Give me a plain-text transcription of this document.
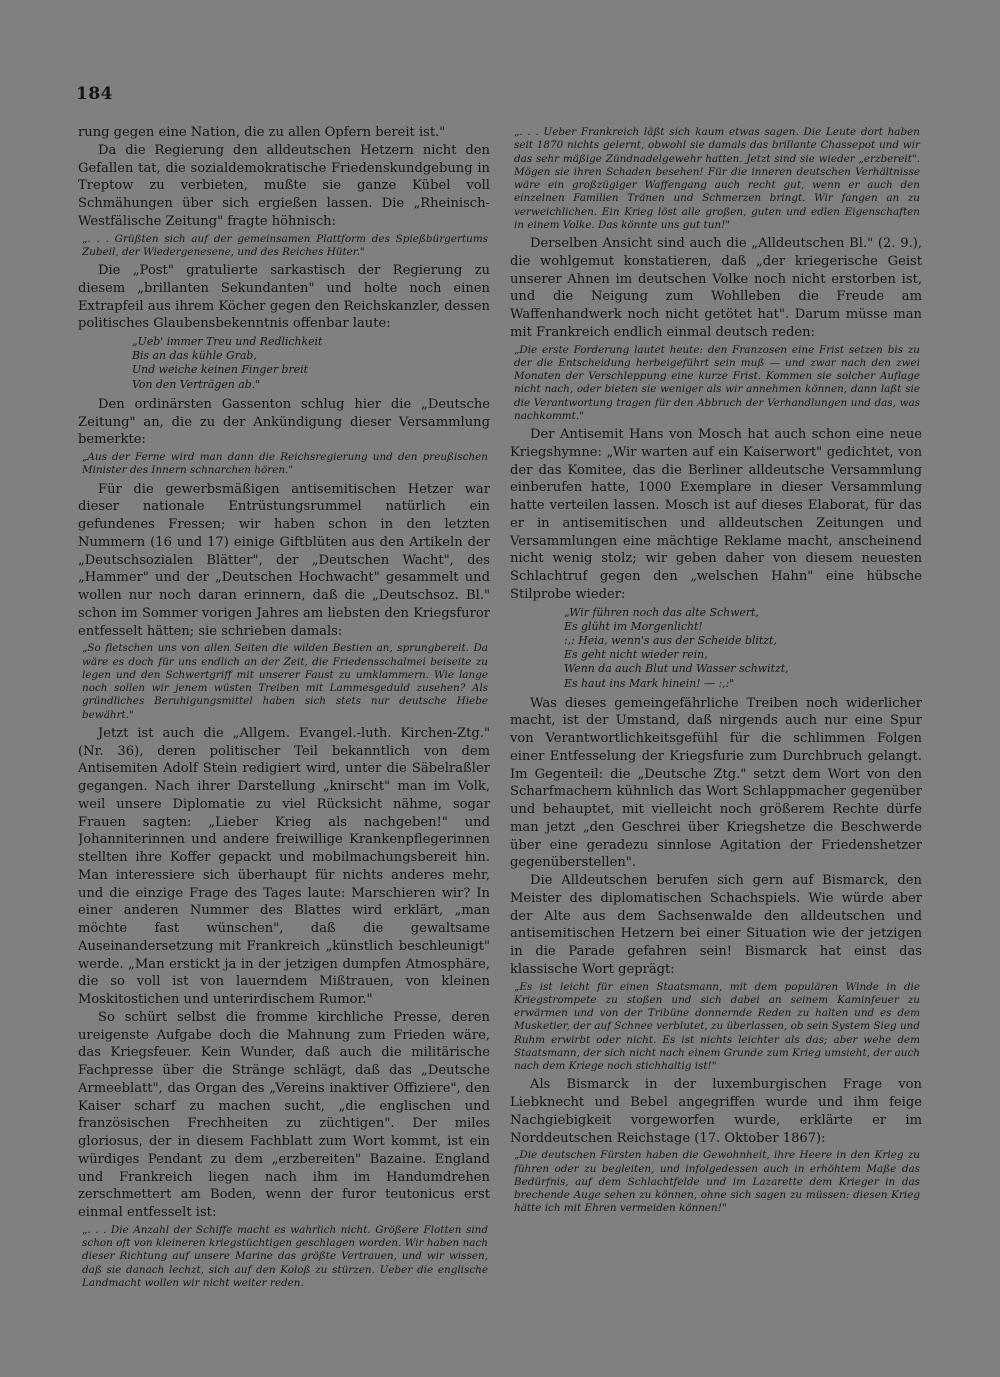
184

rung gegen eine Nation, die zu allen Opfern bereit ist."

Da die Regierung den alldeutschen Hetzern nicht den Gefallen tat, die sozialdemokratische Friedenskundgebung in Treptow zu verbieten, mußte sie ganze Kübel voll Schmähungen über sich ergießen lassen. Die „Rheinisch-Westfälische Zeitung" fragte höhnisch:

„. . . Grüßten sich auf der gemeinsamen Plattform des Spießbürgertums Zubeil, der Wiedergenesene, und des Reiches Hüter."

Die „Post" gratulierte sarkastisch der Regierung zu diesem „brillanten Sekundanten" und holte noch einen Extrapfeil aus ihrem Köcher gegen den Reichskanzler, dessen politisches Glaubensbekenntnis offenbar laute:

„Ueb' immer Treu und Redlichkeit
Bis an das kühle Grab,
Und weiche keinen Finger breit
Von den Verträgen ab."

Den ordinärsten Gassenton schlug hier die „Deutsche Zeitung" an, die zu der Ankündigung dieser Versammlung bemerkte:

„Aus der Ferne wird man dann die Reichsregierung und den preußischen Minister des Innern schnarchen hören."

Für die gewerbsmäßigen antisemitischen Hetzer war dieser nationale Entrüstungsrummel natürlich ein gefundenes Fressen; wir haben schon in den letzten Nummern (16 und 17) einige Giftblüten aus den Artikeln der „Deutschsozialen Blätter", der „Deutschen Wacht", des „Hammer" und der „Deutschen Hochwacht" gesammelt und wollen nur noch daran erinnern, daß die „Deutschsoz. Bl." schon im Sommer vorigen Jahres am liebsten den Kriegsfuror entfesselt hätten; sie schrieben damals:

„So fletschen uns von allen Seiten die wilden Bestien an, sprungbereit. Da wäre es doch für uns endlich an der Zeit, die Friedensschalmei beiseite zu legen und den Schwertgriff mit unserer Faust zu umklammern. Wie lange noch sollen wir jenem wüsten Treiben mit Lammesgeduld zusehen? Als gründliches Beruhigungsmittel haben sich stets nur deutsche Hiebe bewährt."

Jetzt ist auch die „Allgem. Evangel.-luth. Kirchen-Ztg." (Nr. 36), deren politischer Teil bekanntlich von dem Antisemiten Adolf Stein redigiert wird, unter die Säbelraßler gegangen. Nach ihrer Darstellung „knirscht" man im Volk, weil unsere Diplomatie zu viel Rücksicht nähme, sogar Frauen sagten: „Lieber Krieg als nachgeben!" und Johanniterinnen und andere freiwillige Krankenpflegerinnen stellten ihre Koffer gepackt und mobilmachungsbereit hin. Man interessiere sich überhaupt für nichts anderes mehr, und die einzige Frage des Tages laute: Marschieren wir? In einer anderen Nummer des Blattes wird erklärt, „man möchte fast wünschen", daß die gewaltsame Auseinandersetzung mit Frankreich „künstlich beschleunigt" werde. „Man erstickt ja in der jetzigen dumpfen Atmosphäre, die so voll ist von lauerndem Mißtrauen, von kleinen Moskitostichen und unterirdischem Rumor."

So schürt selbst die fromme kirchliche Presse, deren ureigenste Aufgabe doch die Mahnung zum Frieden wäre, das Kriegsfeuer. Kein Wunder, daß auch die militärische Fachpresse über die Stränge schlägt, daß das „Deutsche Armeeblatt", das Organ des „Vereins inaktiver Offiziere", den Kaiser scharf zu machen sucht, „die englischen und französischen Frechheiten zu züchtigen". Der miles gloriosus, der in diesem Fachblatt zum Wort kommt, ist ein würdiges Pendant zu dem „erzbereiten" Bazaine. England und Frankreich liegen nach ihm im Handumdrehen zerschmettert am Boden, wenn der furor teutonicus erst einmal entfesselt ist:

„. . . Die Anzahl der Schiffe macht es wahrlich nicht. Größere Flotten sind schon oft von kleineren kriegstüchtigen geschlagen worden. Wir haben nach dieser Richtung auf unsere Marine das größte Vertrauen, und wir wissen, daß sie danach lechzt, sich auf den Koloß zu stürzen. Ueber die englische Landmacht wollen wir nicht weiter reden.

„. . . Ueber Frankreich läßt sich kaum etwas sagen. Die Leute dort haben seit 1870 nichts gelernt, obwohl sie damals das brillante Chassepot und wir das sehr mäßige Zündnadelgewehr hatten. Jetzt sind sie wieder „erzbereit". Mögen sie ihren Schaden besehen! Für die inneren deutschen Verhältnisse wäre ein großzügiger Waffengang auch recht gut, wenn er auch den einzelnen Familien Tränen und Schmerzen bringt. Wir fangen an zu verweichlichen. Ein Krieg löst alle großen, guten und edlen Eigenschaften in einem Volke. Das könnte uns gut tun!"

Derselben Ansicht sind auch die „Alldeutschen Bl." (2. 9.), die wohlgemut konstatieren, daß „der kriegerische Geist unserer Ahnen im deutschen Volke noch nicht erstorben ist, und die Neigung zum Wohlleben die Freude am Waffenhandwerk noch nicht getötet hat". Darum müsse man mit Frankreich endlich einmal deutsch reden:

„Die erste Forderung lautet heute: den Franzosen eine Frist setzen bis zu der die Entscheidung herbeigeführt sein muß — und zwar nach den zwei Monaten der Verschleppung eine kurze Frist. Kommen sie solcher Auflage nicht nach, oder bieten sie weniger als wir annehmen können, dann laßt sie die Verantwortung tragen für den Abbruch der Verhandlungen und das, was nachkommt."

Der Antisemit Hans von Mosch hat auch schon eine neue Kriegshymne: „Wir warten auf ein Kaiserwort" gedichtet, von der das Komitee, das die Berliner alldeutsche Versammlung einberufen hatte, 1000 Exemplare in dieser Versammlung hatte verteilen lassen. Mosch ist auf dieses Elaborat, für das er in antisemitischen und alldeutschen Zeitungen und Versammlungen eine mächtige Reklame macht, anscheinend nicht wenig stolz; wir geben daher von diesem neuesten Schlachtruf gegen den „welschen Hahn" eine hübsche Stilprobe wieder:

„Wir führen noch das alte Schwert,
Es glüht im Morgenlicht!
:,: Heia, wenn's aus der Scheide blitzt,
Es geht nicht wieder rein,
Wenn da auch Blut und Wasser schwitzt,
Es haut ins Mark hinein! — :,:"

Was dieses gemeingefährliche Treiben noch widerlicher macht, ist der Umstand, daß nirgends auch nur eine Spur von Verantwortlichkeitsgefühl für die schlimmen Folgen einer Entfesselung der Kriegsfurie zum Durchbruch gelangt. Im Gegenteil: die „Deutsche Ztg." setzt dem Wort von den Scharfmachern kühnlich das Wort Schlappmacher gegenüber und behauptet, mit vielleicht noch größerem Rechte dürfe man jetzt „den Geschrei über Kriegshetze die Beschwerde über eine geradezu sinnlose Agitation der Friedenshetzer gegenüberstellen".

Die Alldeutschen berufen sich gern auf Bismarck, den Meister des diplomatischen Schachspiels. Wie würde aber der Alte aus dem Sachsenwalde den alldeutschen und antisemitischen Hetzern bei einer Situation wie der jetzigen in die Parade gefahren sein! Bismarck hat einst das klassische Wort geprägt:

„Es ist leicht für einen Staatsmann, mit dem populären Winde in die Kriegstrompete zu stoßen und sich dabei an seinem Kaminfeuer zu erwärmen und von der Tribüne donnernde Reden zu halten und es dem Musketier, der auf Schnee verblutet, zu überlassen, ob sein System Sieg und Ruhm erwirbt oder nicht. Es ist nichts leichter als das; aber wehe dem Staatsmann, der sich nicht nach einem Grunde zum Krieg umsieht, der auch nach dem Kriege noch stichhaltig ist!"

Als Bismarck in der luxemburgischen Frage von Liebknecht und Bebel angegriffen wurde und ihm feige Nachgiebigkeit vorgeworfen wurde, erklärte er im Norddeutschen Reichstage (17. Oktober 1867):

„Die deutschen Fürsten haben die Gewohnheit, ihre Heere in den Krieg zu führen oder zu begleiten, und infolgedessen auch in erhöhtem Maße das Bedürfnis, auf dem Schlachtfelde und im Lazarette dem Krieger in das brechende Auge sehen zu können, ohne sich sagen zu müssen: diesen Krieg hätte ich mit Ehren vermeiden können!"
